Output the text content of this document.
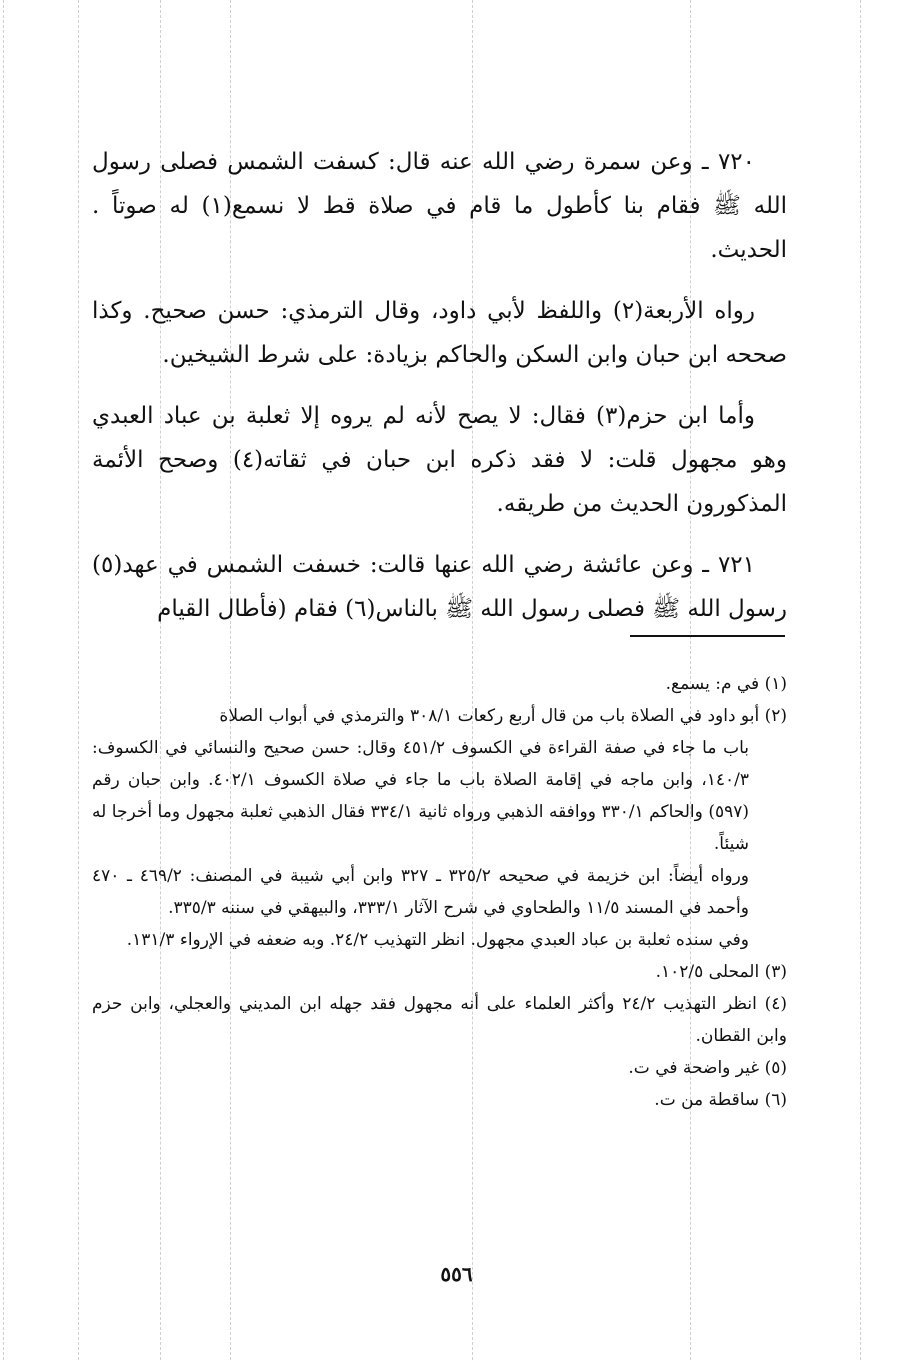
٧٢٠ ـ وعن سمرة رضي الله عنه قال: كسفت الشمس فصلى رسول الله ﷺ فقام بنا كأطول ما قام في صلاة قط لا نسمع(١) له صوتاً . الحديث.

رواه الأربعة(٢) واللفظ لأبي داود، وقال الترمذي: حسن صحيح. وكذا صححه ابن حبان وابن السكن والحاكم بزيادة: على شرط الشيخين.

وأما ابن حزم(٣) فقال: لا يصح لأنه لم يروه إلا ثعلبة بن عباد العبدي وهو مجهول قلت: لا فقد ذكره ابن حبان في ثقاته(٤) وصحح الأئمة المذكورون الحديث من طريقه.

٧٢١ ـ وعن عائشة رضي الله عنها قالت: خسفت الشمس في عهد(٥) رسول الله ﷺ فصلى رسول الله ﷺ بالناس(٦) فقام (فأطال القيام

(١) في م: يسمع.

(٢) أبو داود في الصلاة باب من قال أربع ركعات ٣٠٨/١ والترمذي في أبواب الصلاة

باب ما جاء في صفة القراءة في الكسوف ٤٥١/٢ وقال: حسن صحيح والنسائي في الكسوف: ١٤٠/٣، وابن ماجه في إقامة الصلاة باب ما جاء في صلاة الكسوف ٤٠٢/١. وابن حبان رقم (٥٩٧) والحاكم ٣٣٠/١ ووافقه الذهبي ورواه ثانية ٣٣٤/١ فقال الذهبي ثعلبة مجهول وما أخرجا له شيئاً.

ورواه أيضاً: ابن خزيمة في صحيحه ٣٢٥/٢ ـ ٣٢٧ وابن أبي شيبة في المصنف: ٤٦٩/٢ ـ ٤٧٠ وأحمد في المسند ١١/٥ والطحاوي في شرح الآثار ٣٣٣/١، والبيهقي في سننه ٣٣٥/٣.

وفي سنده ثعلبة بن عباد العبدي مجهول. انظر التهذيب ٢٤/٢. وبه ضعفه في الإرواء ١٣١/٣.

(٣) المحلى ١٠٢/٥.

(٤) انظر التهذيب ٢٤/٢ وأكثر العلماء على أنه مجهول فقد جهله ابن المديني والعجلي، وابن حزم وابن القطان.

(٥) غير واضحة في ت.

(٦) ساقطة من ت.

٥٥٦
